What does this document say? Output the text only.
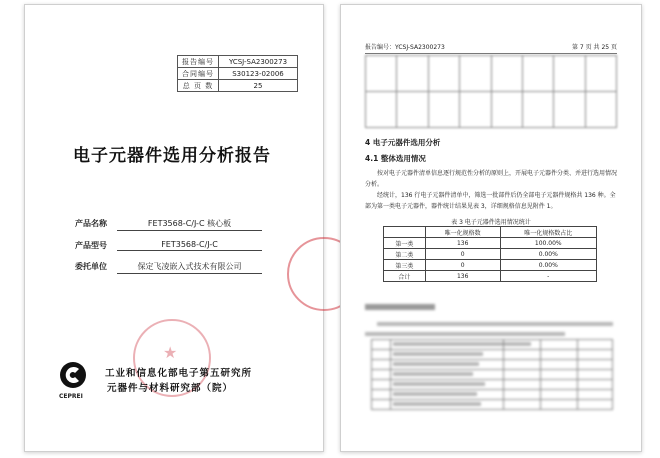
报告编号	YCSJ-SA2300273
合同编号	S30123-02006
总 页 数	25
电子元器件选用分析报告
产品名称	FET3568-C/J-C 核心板
产品型号	FET3568-C/J-C
委托单位	保定飞凌嵌入式技术有限公司
★
CEPREI
工业和信息化部电子第五研究所
元器件与材料研究部（院）
报告编号：YCSJ-SA2300273	第 7 页 共 25 页

4 电子元器件选用分析
4.1 整体选用情况
按对电子元器件清单信息逐行规范性分析的原则上，开展电子元器件分类、并进行选用情况分析。
经统计，136 行电子元器件清单中，筛选一批部件后仍全部电子元器件规格共 136 种。全部为第一类电子元器件，器件统计结果见表 3，详细规格信息见附件 1。
表 3 电子元器件选用情况统计
	唯一化规格数	唯一化规格数占比
第一类	136	100.00%
第二类	0	0.00%
第三类	0	0.00%
合计	136	-
